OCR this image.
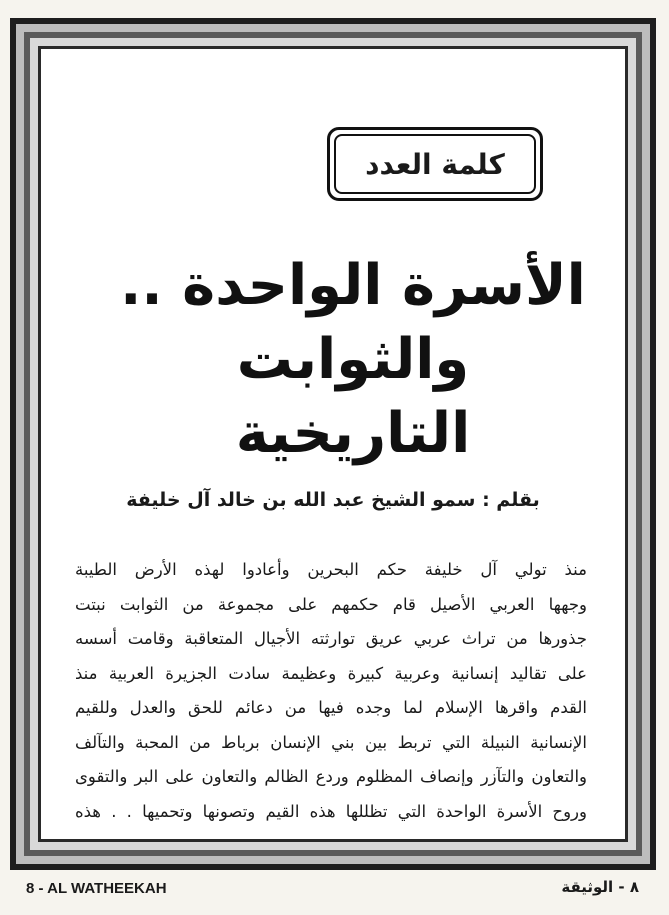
كلمة العدد
الأسرة الواحدة ..
والثوابت التاريخية
بقلم : سمو الشيخ عبد الله بن خالد آل خليفة
منذ تولي آل خليفة حكم البحرين وأعادوا لهذه الأرض الطيبة
وجهها العربي الأصيل قام حكمهم على مجموعة من الثوابت نبتت
جذورها من تراث عربي عريق توارثته الأجيال المتعاقبة وقامت أسسه
على تقاليد إنسانية وعربية كبيرة وعظيمة سادت الجزيرة العربية منذ
القدم واقرها الإسلام لما وجده فيها من دعائم للحق والعدل وللقيم
الإنسانية النبيلة التي تربط بين بني الإنسان برباط من المحبة والتآلف
والتعاون والتآزر وإنصاف المظلوم وردع الظالم والتعاون على البر والتقوى
وروح الأسرة الواحدة التي تظللها هذه القيم وتصونها وتحميها . . هذه
8 - AL WATHEEKAH	٨ - الوثيقة
